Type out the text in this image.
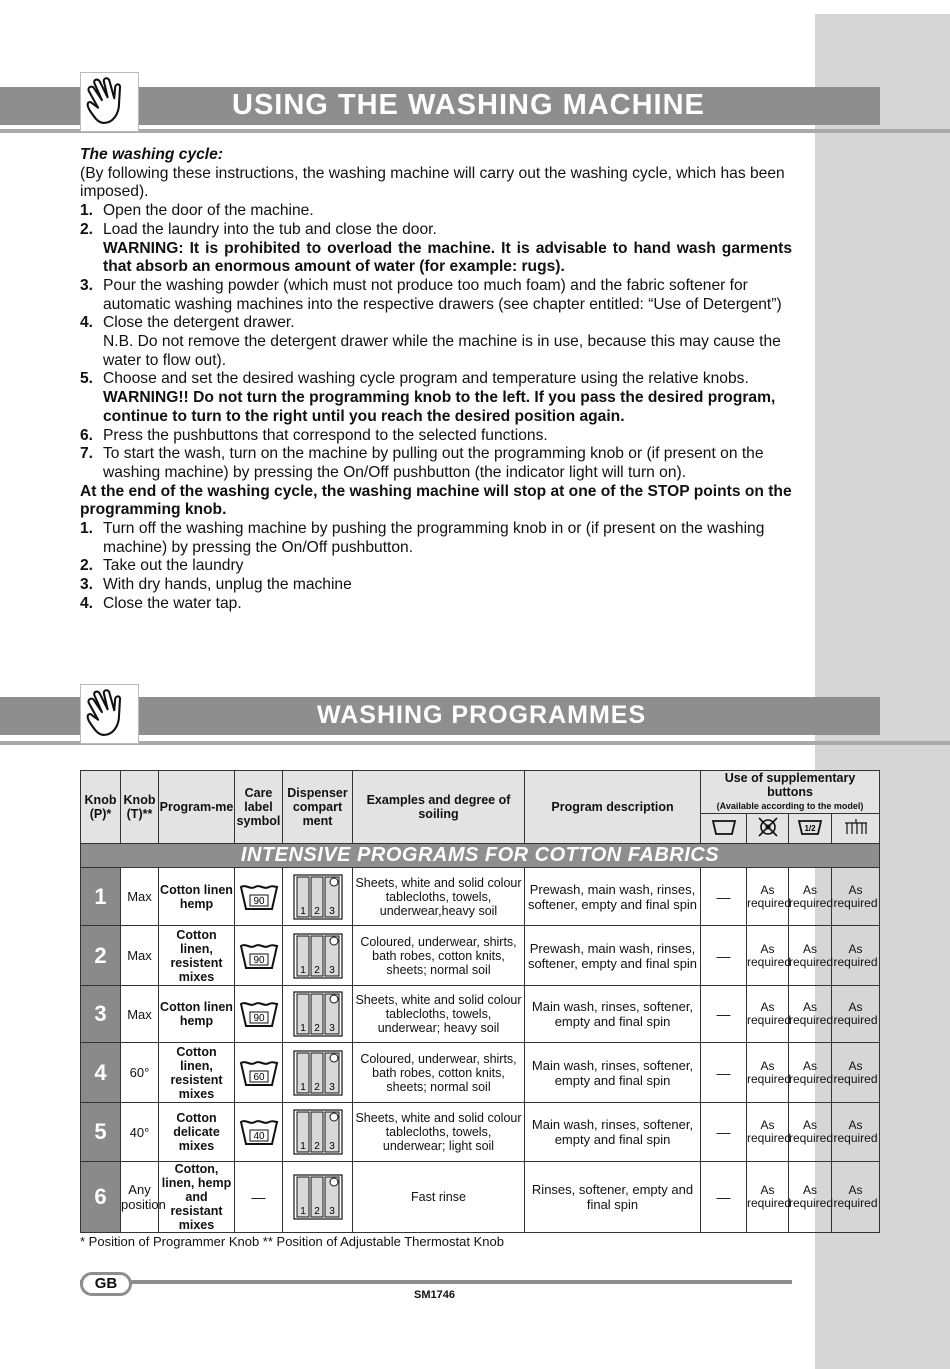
USING THE WASHING MACHINE

The washing cycle:

(By following these instructions, the washing machine will carry out the washing cycle, which has been imposed).

1. Open the door of the machine.
2. Load the laundry into the tub and close the door.

WARNING: It is prohibited to overload the machine. It is advisable to hand wash garments that absorb an enormous amount of water (for example: rugs).
3. Pour the washing powder (which must not produce too much foam) and the fabric softener for automatic washing machines into the respective drawers (see chapter entitled: “Use of Detergent”)
4. Close the detergent drawer.
N.B. Do not remove the detergent drawer while the machine is in use, because this may cause the water to flow out).
5. Choose and set the desired washing cycle program and temperature using the relative knobs.

WARNING!! Do not turn the programming knob to the left. If you pass the desired program, continue to turn to the right until you reach the desired position again.
6. Press the pushbuttons that correspond to the selected functions.
7. To start the wash, turn on the machine by pulling out the programming knob or (if present on the washing machine) by pressing the On/Off pushbutton (the indicator light will turn on).

At the end of the washing cycle, the washing machine will stop at one of the STOP points on the programming knob.

1. Turn off the washing machine by pushing the programming knob in or (if present on the washing machine) by pressing the On/Off pushbutton.
2. Take out the laundry
3. With dry hands, unplug the machine
4. Close the water tap.
WASHING PROGRAMMES
Knob (P)*	Knob (T)**	Program-me	Care label symbol	Dispenser compart ment	Examples and degree of soiling	Program description	Use of supplementary buttons
(Available according to the model)			

1/2

INTENSIVE PROGRAMS FOR COTTON FABRICS										
1	Max	Cotton linen hemp	90	1 2 3	Sheets, white and solid colour tablecloths, towels, underwear,heavy soil	Prewash, main wash, rinses, softener, empty and final spin	—	As required	As required	As required
2	Max	Cotton linen, resistent mixes	90	1 2 3	Coloured, underwear, shirts, bath robes, cotton knits, sheets; normal soil	Prewash, main wash, rinses, softener, empty and final spin	—	As required	As required	As required
3	Max	Cotton linen hemp	90	1 2 3	Sheets, white and solid colour tablecloths, towels, underwear; heavy soil	Main wash, rinses, softener, empty and final spin	—	As required	As required	As required
4	60°	Cotton linen, resistent mixes	60	1 2 3	Coloured, underwear, shirts, bath robes, cotton knits, sheets; normal soil	Main wash, rinses, softener, empty and final spin	—	As required	As required	As required
5	40°	Cotton delicate mixes	40	1 2 3	Sheets, white and solid colour tablecloths, towels, underwear; light soil	Main wash, rinses, softener, empty and final spin	—	As required	As required	As required
6	Any position	Cotton, linen, hemp and resistant mixes	—	1 2 3	Fast rinse	Rinses, softener, empty and final spin	—	As required	As required	As required
* Position of Programmer Knob ** Position of Adjustable Thermostat Knob
GB
SM1746
